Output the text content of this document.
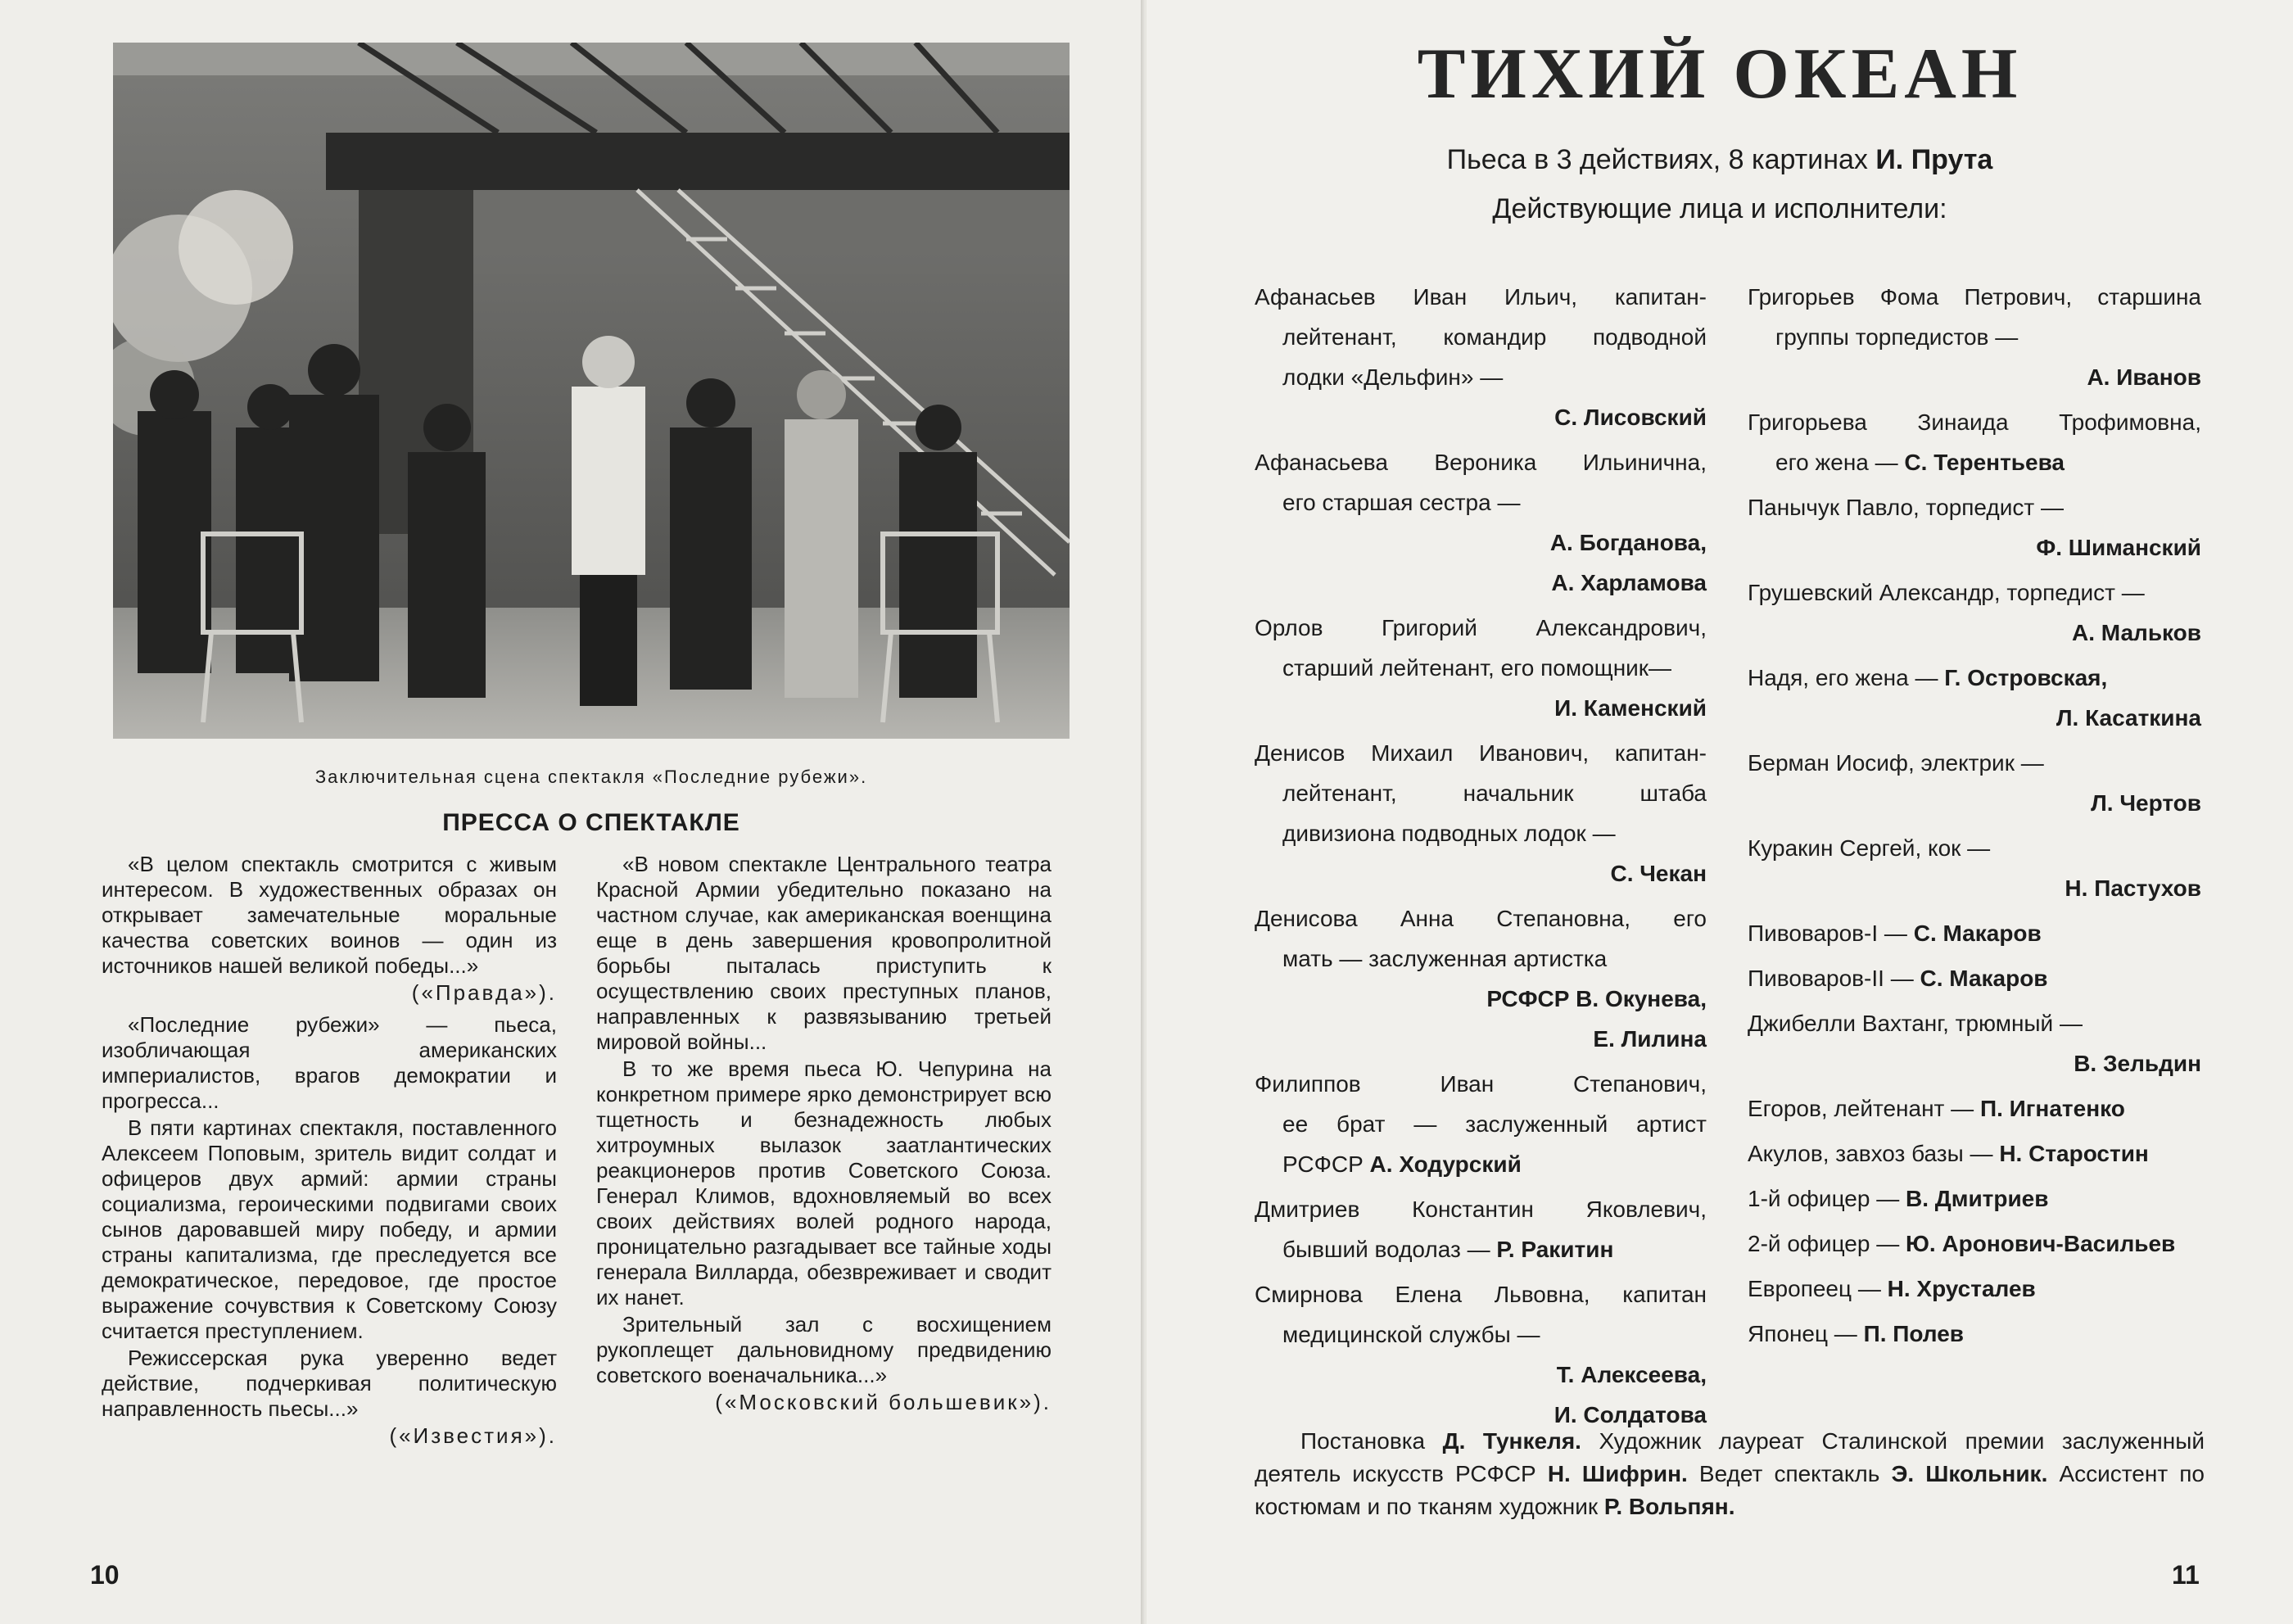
Заключительная сцена спектакля «Последние рубежи».
ПРЕССА О СПЕКТАКЛЕ

«В целом спектакль смотрится с живым интересом. В художественных образах он открывает замечательные моральные качества советских воинов — один из источников нашей великой победы...»

(«Правда»).

«Последние рубежи» — пьеса, изобличающая американских империалистов, врагов демократии и прогресса...

В пяти картинах спектакля, поставленного Алексеем Поповым, зритель видит солдат и офицеров двух армий: армии страны социализма, героическими подвигами своих сынов даровавшей миру победу, и армии страны капитализма, где преследуется все демократическое, передовое, где простое выражение сочувствия к Советскому Союзу считается преступлением.

Режиссерская рука уверенно ведет действие, подчеркивая политическую направленность пьесы...»

(«Известия»).

«В новом спектакле Центрального театра Красной Армии убедительно показано на частном случае, как американская военщина еще в день завершения кровопролитной борьбы пыталась приступить к осуществлению своих преступных планов, направленных к развязыванию третьей мировой войны...

В то же время пьеса Ю. Чепурина на конкретном примере ярко демонстрирует всю тщетность и безнадежность любых хитроумных вылазок заатлантических реакционеров против Советского Союза. Генерал Климов, вдохновляемый во всех своих действиях волей родного народа, проницательно разгадывает все тайные ходы генерала Вилларда, обезвреживает и сводит их нанет.

Зрительный зал с восхищением рукоплещет дальновидному предвидению советского военачальника...»

(«Московский большевик»).

10
ТИХИЙ ОКЕАН
Пьеса в 3 действиях, 8 картинах И. Прута
Действующие лица и исполнители:
Афанасьев Иван Ильич, капитан-
лейтенант, командир подводной
лодки «Дельфин» —
С. Лисовский
Афанасьева Вероника Ильинична,
его старшая сестра —
А. Богданова,
А. Харламова
Орлов Григорий Александрович,
старший лейтенант, его помощник—
И. Каменский
Денисов Михаил Иванович, капитан-
лейтенант, начальник штаба
дивизиона подводных лодок —
С. Чекан
Денисова Анна Степановна, его
мать — заслуженная артистка
РСФСР В. Окунева,
Е. Лилина
Филиппов Иван Степанович,
ее брат — заслуженный артист
РСФСР А. Ходурский
Дмитриев Константин Яковлевич,
бывший водолаз — Р. Ракитин
Смирнова Елена Львовна, капитан
медицинской службы —
Т. Алексеева,
И. Солдатова
Григорьев Фома Петрович, старшина
группы торпедистов —
А. Иванов
Григорьева Зинаида Трофимовна,
его жена — С. Терентьева
Панычук Павло, торпедист —
Ф. Шиманский
Грушевский Александр, торпедист —
А. Мальков
Надя, его жена — Г. Островская,
Л. Касаткина
Берман Иосиф, электрик —
Л. Чертов
Куракин Сергей, кок —
Н. Пастухов
Пивоваров-I — С. Макаров
Пивоваров-II — С. Макаров
Джибелли Вахтанг, трюмный —
В. Зельдин
Егоров, лейтенант — П. Игнатенко
Акулов, завхоз базы — Н. Старостин
1-й офицер — В. Дмитриев
2-й офицер — Ю. Аронович-Васильев
Европеец — Н. Хрусталев
Японец — П. Полев
Постановка Д. Тункеля. Художник лауреат Сталинской премии заслуженный деятель искусств РСФСР Н. Шифрин. Ведет спектакль Э. Школьник. Ассистент по костюмам и по тканям художник Р. Вольпян.
11
